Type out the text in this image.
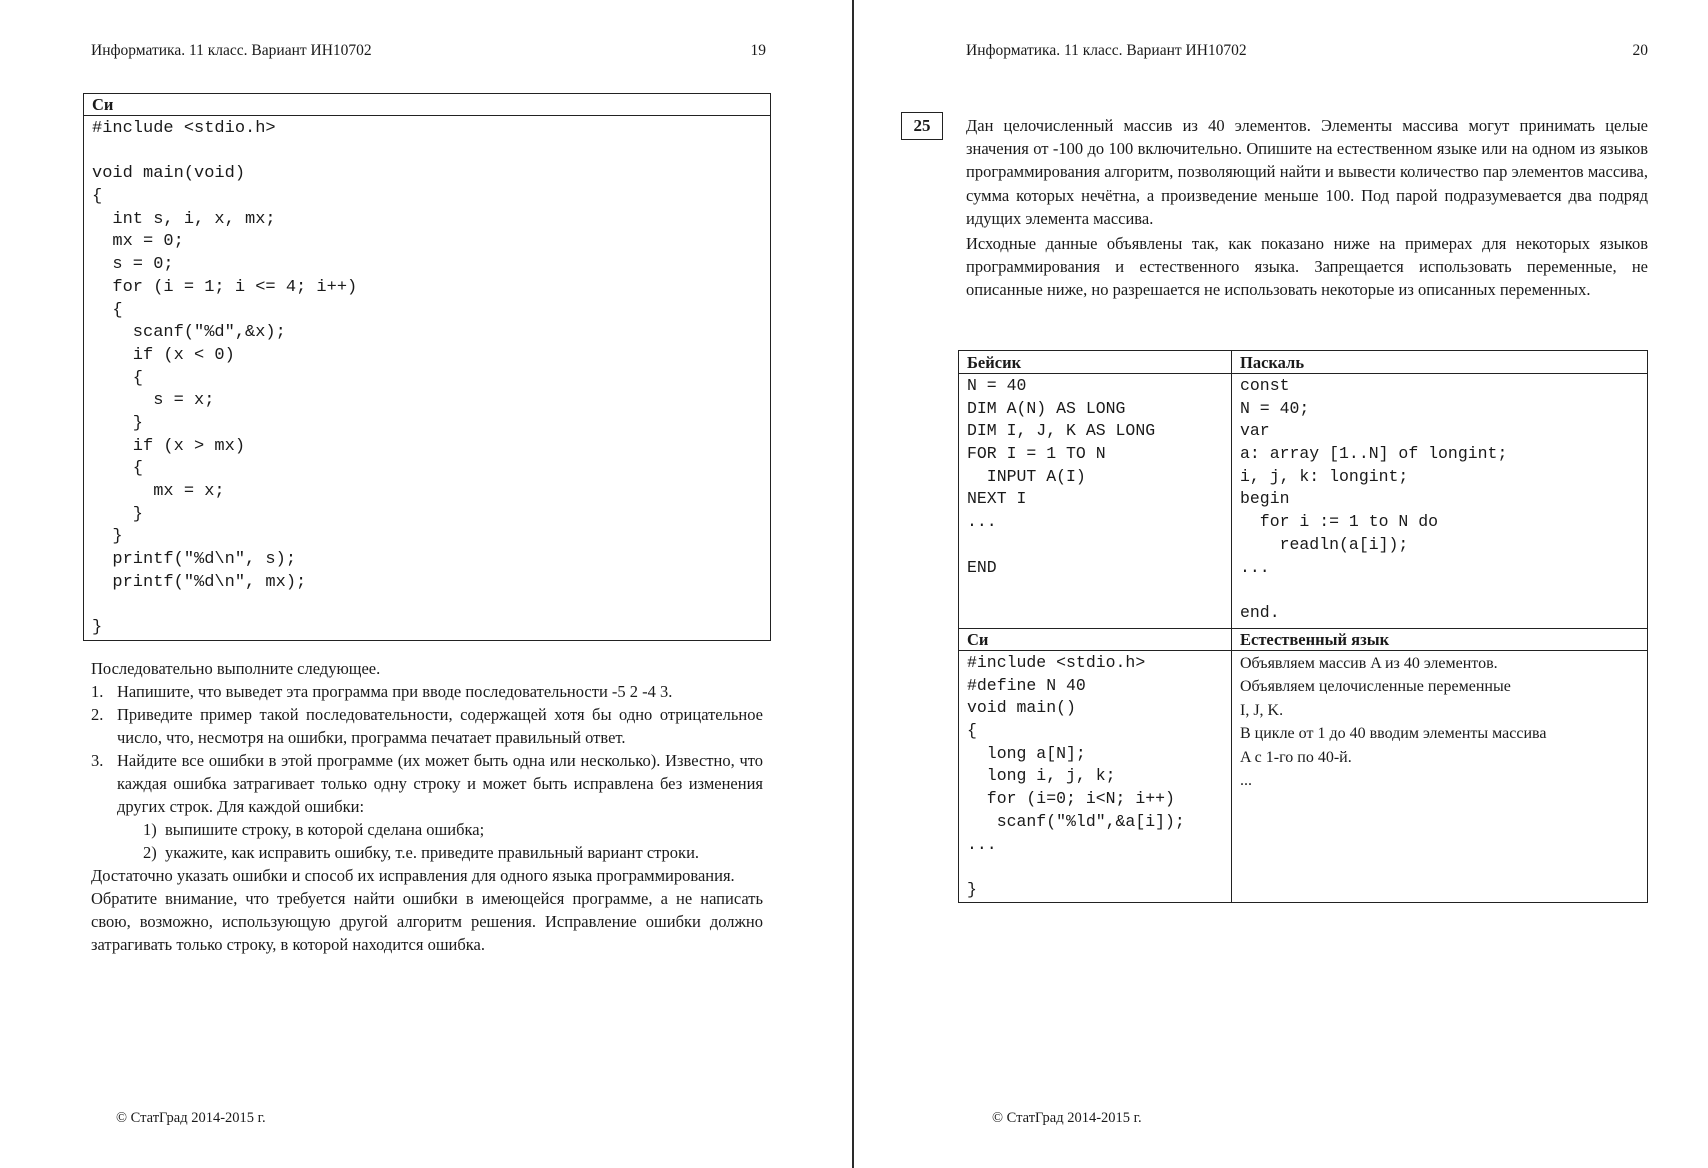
Информатика. 11 класс. Вариант ИН10702	19
Си
#include <stdio.h>
void main(void)
{
int s, i, x, mx;
mx = 0;
s = 0;
for (i = 1; i <= 4; i++)
{
scanf("%d",&x);
if (x < 0)
{
s = x;
}
if (x > mx)
{
mx = x;
}
}
printf("%d\n", s);
printf("%d\n", mx);
}
Последовательно выполните следующее.
1. Напишите, что выведет эта программа при вводе последовательности -5 2 -4 3.
2. Приведите пример такой последовательности, содержащей хотя бы одно отрицательное число, что, несмотря на ошибки, программа печатает правильный ответ.
3. Найдите все ошибки в этой программе (их может быть одна или несколько). Известно, что каждая ошибка затрагивает только одну строку и может быть исправлена без изменения других строк. Для каждой ошибки:
1) выпишите строку, в которой сделана ошибка;
2) укажите, как исправить ошибку, т.е. приведите правильный вариант строки.
Достаточно указать ошибки и способ их исправления для одного языка программирования.
Обратите внимание, что требуется найти ошибки в имеющейся программе, а не написать свою, возможно, использующую другой алгоритм решения. Исправление ошибки должно затрагивать только строку, в которой находится ошибка.
© СтатГрад 2014-2015 г.
Информатика. 11 класс. Вариант ИН10702	20
25	Дан целочисленный массив из 40 элементов. Элементы массива могут принимать целые значения от -100 до 100 включительно. Опишите на естественном языке или на одном из языков программирования алгоритм, позволяющий найти и вывести количество пар элементов массива, сумма которых нечётна, а произведение меньше 100. Под парой подразумевается два подряд идущих элемента массива.

Исходные данные объявлены так, как показано ниже на примерах для некоторых языков программирования и естественного языка. Запрещается использовать переменные, не описанные ниже, но разрешается не использовать некоторые из описанных переменных.

Бейсик
N = 40
DIM A(N) AS LONG
DIM I, J, K AS LONG
FOR I = 1 TO N
INPUT A(I)
NEXT I
...
END
Паскаль
const
N = 40;
var
a: array [1..N] of longint;
i, j, k: longint;
begin
for i := 1 to N do
readln(a[i]);
...
end.
Си
#include <stdio.h>
#define N 40
void main()
{
long a[N];
long i, j, k;
for (i=0; i<N; i++)
scanf("%ld",&a[i]);
...
}
Естественный язык
Объявляем массив A из 40 элементов.
Объявляем целочисленные переменные
I, J, K.
В цикле от 1 до 40 вводим элементы массива
A с 1-го по 40-й.
...
© СтатГрад 2014-2015 г.
